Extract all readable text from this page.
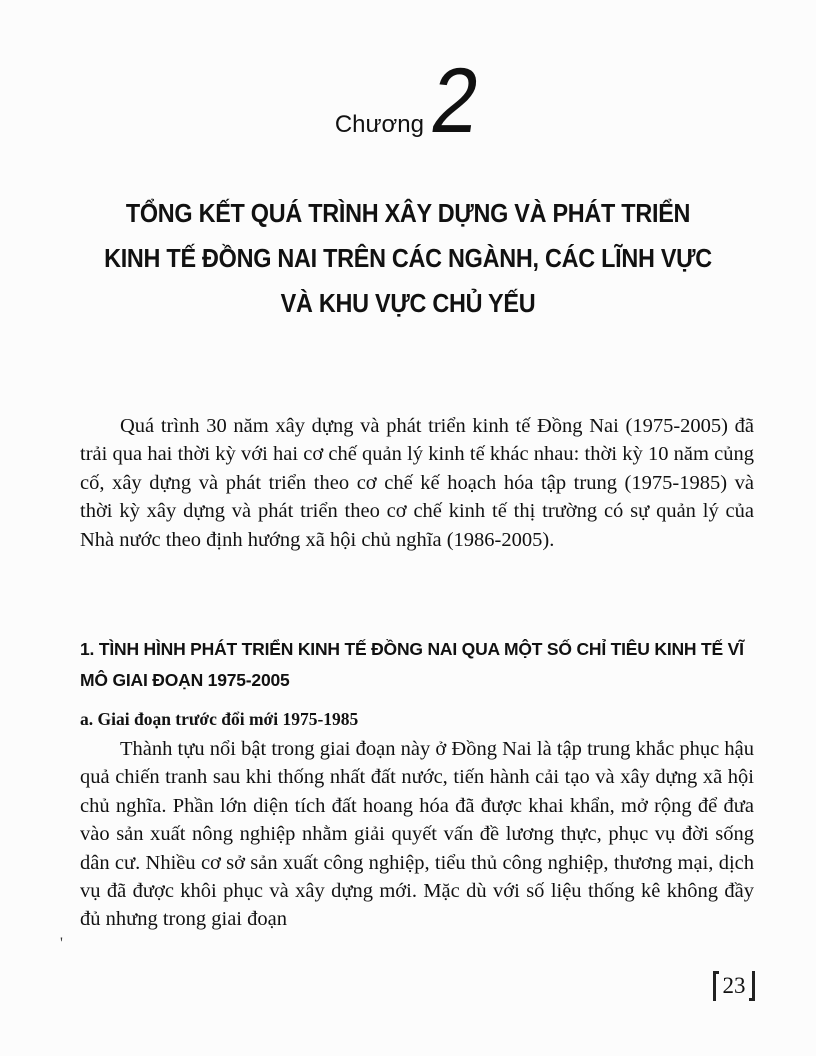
Chương 2
TỔNG KẾT QUÁ TRÌNH XÂY DỰNG VÀ PHÁT TRIỂN
KINH TẾ ĐỒNG NAI TRÊN CÁC NGÀNH, CÁC LĨNH VỰC
VÀ KHU VỰC CHỦ YẾU
Quá trình 30 năm xây dựng và phát triển kinh tế Đồng Nai (1975-2005) đã trải qua hai thời kỳ với hai cơ chế quản lý kinh tế khác nhau: thời kỳ 10 năm củng cố, xây dựng và phát triển theo cơ chế kế hoạch hóa tập trung (1975-1985) và thời kỳ xây dựng và phát triển theo cơ chế kinh tế thị trường có sự quản lý của Nhà nước theo định hướng xã hội chủ nghĩa (1986-2005).
1. TÌNH HÌNH PHÁT TRIỂN KINH TẾ ĐỒNG NAI QUA MỘT SỐ CHỈ TIÊU KINH TẾ VĨ MÔ GIAI ĐOẠN 1975-2005
a. Giai đoạn trước đổi mới 1975-1985
Thành tựu nổi bật trong giai đoạn này ở Đồng Nai là tập trung khắc phục hậu quả chiến tranh sau khi thống nhất đất nước, tiến hành cải tạo và xây dựng xã hội chủ nghĩa. Phần lớn diện tích đất hoang hóa đã được khai khẩn, mở rộng để đưa vào sản xuất nông nghiệp nhằm giải quyết vấn đề lương thực, phục vụ đời sống dân cư. Nhiều cơ sở sản xuất công nghiệp, tiểu thủ công nghiệp, thương mại, dịch vụ đã được khôi phục và xây dựng mới. Mặc dù với số liệu thống kê không đầy đủ nhưng trong giai đoạn
'
23
